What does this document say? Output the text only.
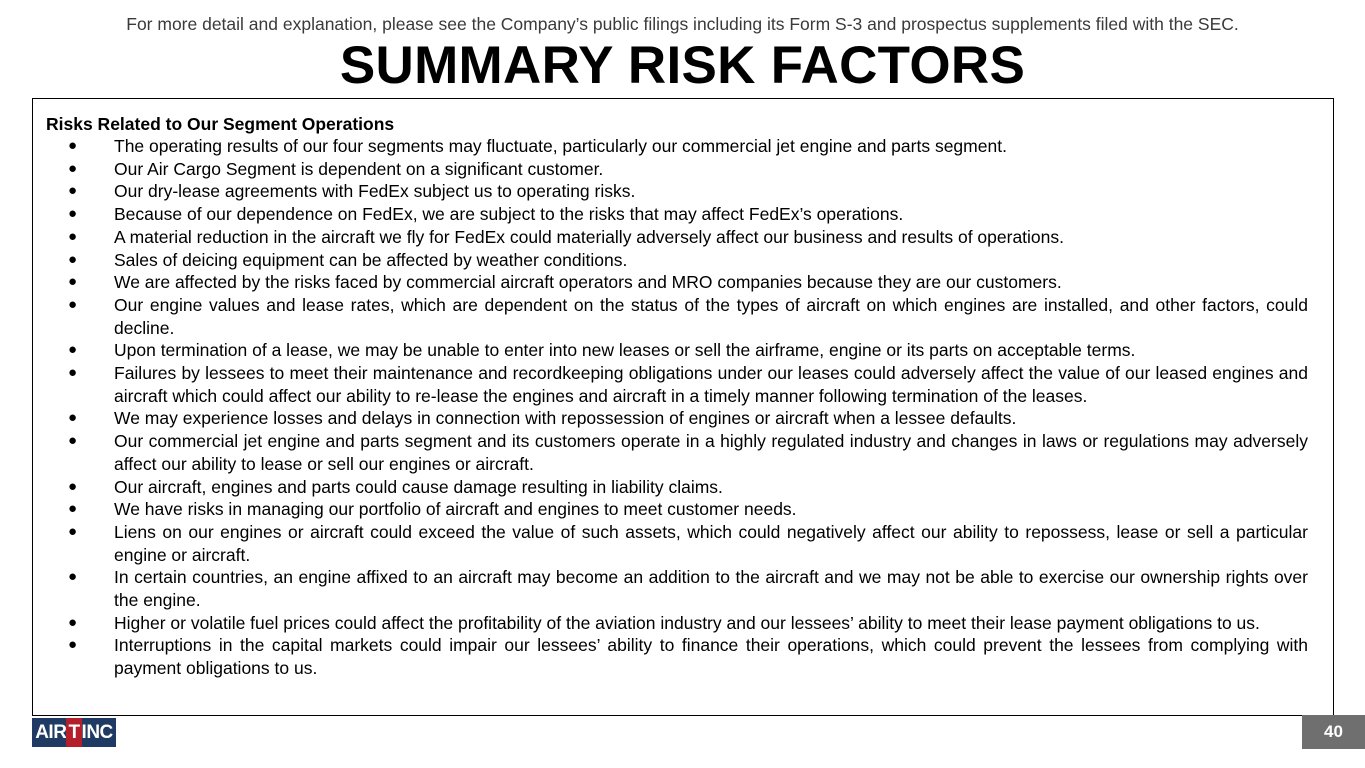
For more detail and explanation, please see the Company’s public filings including its Form S-3 and prospectus supplements filed with the SEC.
SUMMARY RISK FACTORS
Risks Related to Our Segment Operations
● The operating results of our four segments may fluctuate, particularly our commercial jet engine and parts segment.
● Our Air Cargo Segment is dependent on a significant customer.
● Our dry-lease agreements with FedEx subject us to operating risks.
● Because of our dependence on FedEx, we are subject to the risks that may affect FedEx’s operations.
● A material reduction in the aircraft we fly for FedEx could materially adversely affect our business and results of operations.
● Sales of deicing equipment can be affected by weather conditions.
● We are affected by the risks faced by commercial aircraft operators and MRO companies because they are our customers.
● Our engine values and lease rates, which are dependent on the status of the types of aircraft on which engines are installed, and other factors, could decline.
● Upon termination of a lease, we may be unable to enter into new leases or sell the airframe, engine or its parts on acceptable terms.
● Failures by lessees to meet their maintenance and recordkeeping obligations under our leases could adversely affect the value of our leased engines and aircraft which could affect our ability to re-lease the engines and aircraft in a timely manner following termination of the leases.
● We may experience losses and delays in connection with repossession of engines or aircraft when a lessee defaults.
● Our commercial jet engine and parts segment and its customers operate in a highly regulated industry and changes in laws or regulations may adversely affect our ability to lease or sell our engines or aircraft.
● Our aircraft, engines and parts could cause damage resulting in liability claims.
● We have risks in managing our portfolio of aircraft and engines to meet customer needs.
● Liens on our engines or aircraft could exceed the value of such assets, which could negatively affect our ability to repossess, lease or sell a particular engine or aircraft.
● In certain countries, an engine affixed to an aircraft may become an addition to the aircraft and we may not be able to exercise our ownership rights over the engine.
● Higher or volatile fuel prices could affect the profitability of the aviation industry and our lessees’ ability to meet their lease payment obligations to us.
● Interruptions in the capital markets could impair our lessees’ ability to finance their operations, which could prevent the lessees from complying with payment obligations to us.
AIR T INC	40
